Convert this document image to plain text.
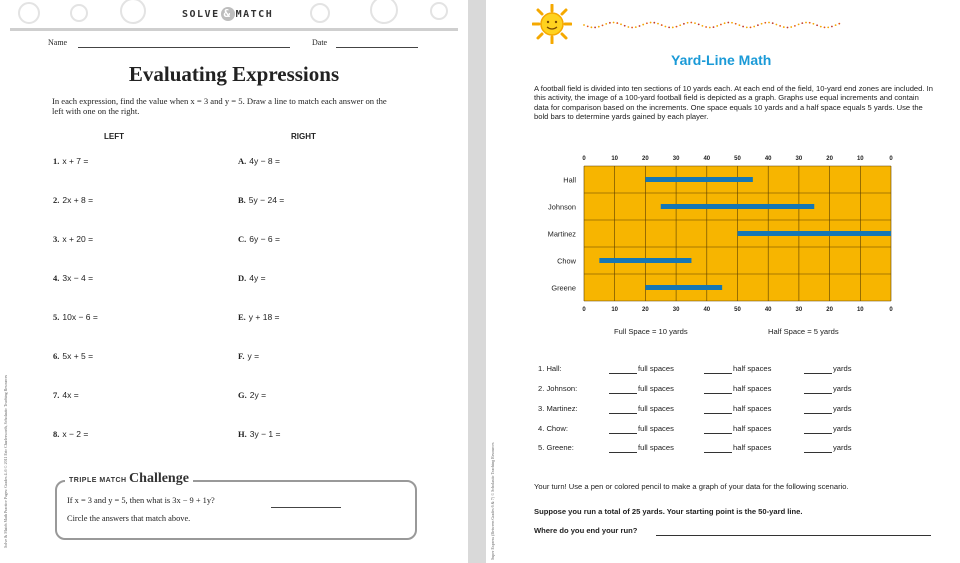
SOLVE & MATCH
Name	Date
Evaluating Expressions
In each expression, find the value when x = 3 and y = 5. Draw a line to match each answer on the left with one on the right.
LEFT	RIGHT
1. x + 7 =
2. 2x + 8 =
3. x + 20 =
4. 3x − 4 =
5. 10x − 6 =
6. 5x + 5 =
7. 4x =
8. x − 2 =
A. 4y − 8 =
B. 5y − 24 =
C. 6y − 6 =
D. 4y =
E. y + 18 =
F. y =
G. 2y =
H. 3y − 1 =
TRIPLE MATCH Challenge
If x = 3 and y = 5, then what is 3x − 9 + 1y?
Circle the answers that match above.
Solve & Match Math Practice Pages: Grades 4–6 © 2011 Eric Charlesworth, Scholastic Teaching Resources
Yard-Line Math
A football field is divided into ten sections of 10 yards each. At each end of the field, 10-yard end zones are included. In this activity, the image of a 100-yard football field is depicted as a graph. Graphs use equal increments and contain data for comparison based on the increments. One space equals 10 yards and a half space equals 5 yards. Use the bold bars to determine yards gained by each player.
0
0
10
10
20
20
30
30
40
40
50
50
40
40
30
30
20
20
10
10
0
0
Hall
Johnson
Martinez
Chow
Greene
Full Space = 10 yards	Half Space = 5 yards
1. Hall:	full spaces	half spaces	yards
2. Johnson:	full spaces	half spaces	yards
3. Martinez:	full spaces	half spaces	yards
4. Chow:	full spaces	half spaces	yards
5. Greene:	full spaces	half spaces	yards
Your turn! Use a pen or colored pencil to make a graph of your data for the following scenario.
Suppose you run a total of 25 yards. Your starting point is the 50-yard line.
Where do you end your run?
Super Express (Between Grades 6 & 7) © Scholastic Teaching Resources
